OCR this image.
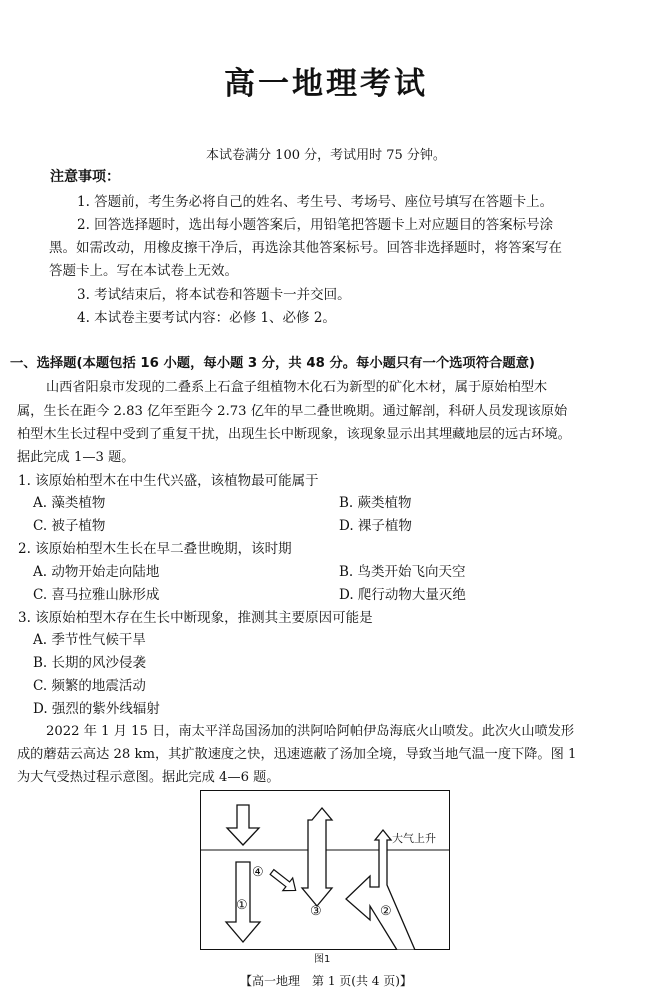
高一地理考试
本试卷满分 100 分，考试用时 75 分钟。
注意事项：
1. 答题前，考生务必将自己的姓名、考生号、考场号、座位号填写在答题卡上。
2. 回答选择题时，选出每小题答案后，用铅笔把答题卡上对应题目的答案标号涂
黑。如需改动，用橡皮擦干净后，再选涂其他答案标号。回答非选择题时，将答案写在
答题卡上。写在本试卷上无效。
3. 考试结束后，将本试卷和答题卡一并交回。
4. 本试卷主要考试内容：必修 1、必修 2。
一、选择题(本题包括 16 小题，每小题 3 分，共 48 分。每小题只有一个选项符合题意)
山西省阳泉市发现的二叠系上石盒子组植物木化石为新型的矿化木材，属于原始柏型木
属，生长在距今 2.83 亿年至距今 2.73 亿年的早二叠世晚期。通过解剖，科研人员发现该原始
柏型木生长过程中受到了重复干扰，出现生长中断现象，该现象显示出其埋藏地层的远古环境。
据此完成 1—3 题。
1. 该原始柏型木在中生代兴盛，该植物最可能属于
A. 藻类植物	B. 蕨类植物
C. 被子植物	D. 裸子植物
2. 该原始柏型木生长在早二叠世晚期，该时期
A. 动物开始走向陆地	B. 鸟类开始飞向天空
C. 喜马拉雅山脉形成	D. 爬行动物大量灭绝
3. 该原始柏型木存在生长中断现象，推测其主要原因可能是
A. 季节性气候干旱
B. 长期的风沙侵袭
C. 频繁的地震活动
D. 强烈的紫外线辐射
2022 年 1 月 15 日，南太平洋岛国汤加的洪阿哈阿帕伊岛海底火山喷发。此次火山喷发形
成的蘑菇云高达 28 km，其扩散速度之快，迅速遮蔽了汤加全境，导致当地气温一度下降。图 1
为大气受热过程示意图。据此完成 4—6 题。
④
①	③	②
大气上升
图1
【高一地理　第 1 页(共 4 页)】
